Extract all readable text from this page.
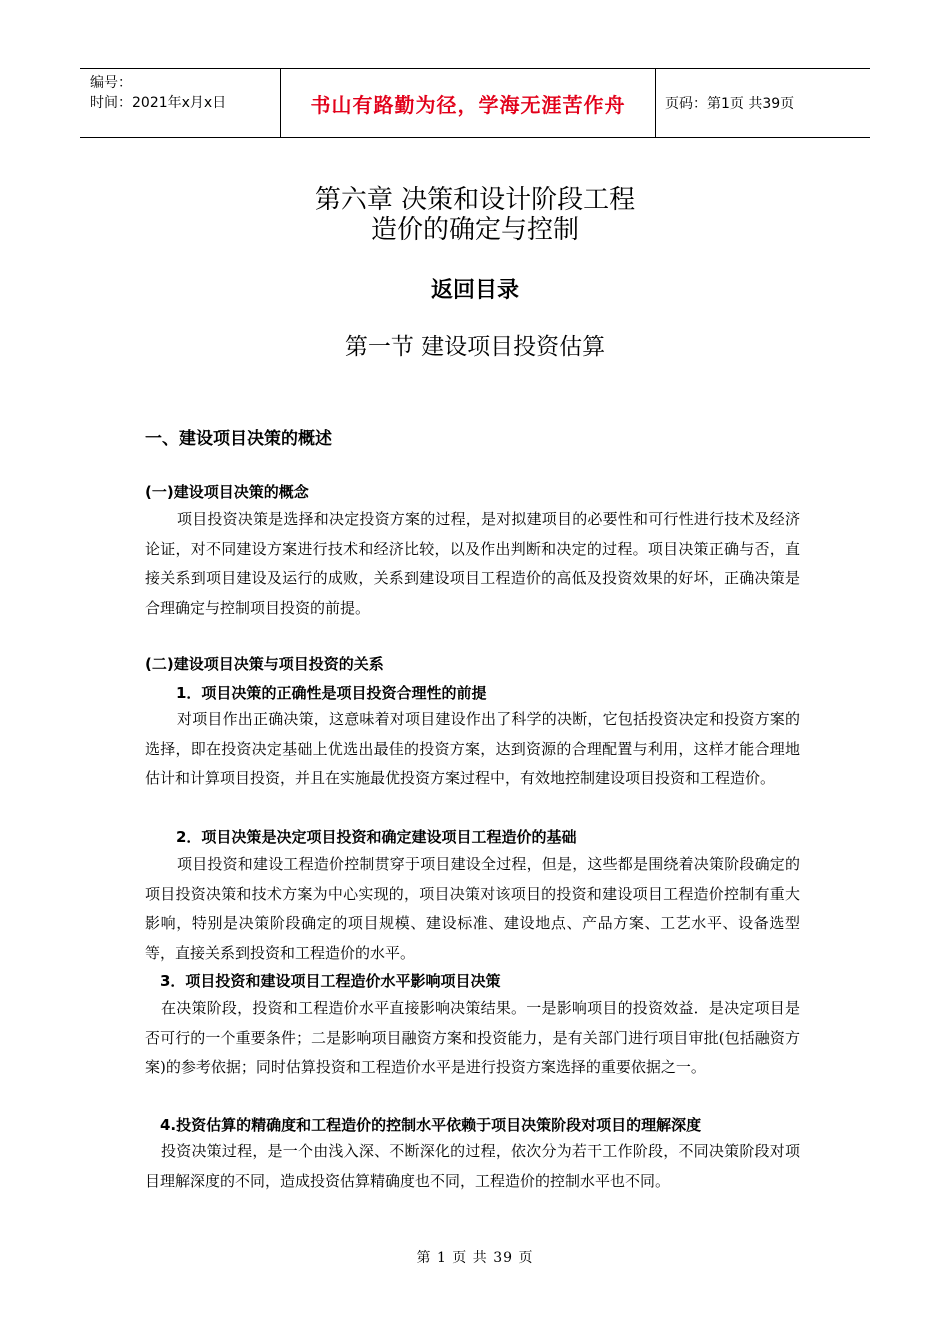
编号：
时间：2021年x月x日	书山有路勤为径，学海无涯苦作舟	页码：第1页 共39页
第六章 决策和设计阶段工程
造价的确定与控制
返回目录
第一节 建设项目投资估算
一、建设项目决策的概述
(一)建设项目决策的概念
项目投资决策是选择和决定投资方案的过程，是对拟建项目的必要性和可行性进行技术及经济论证，对不同建设方案进行技术和经济比较，以及作出判断和决定的过程。项目决策正确与否，直接关系到项目建设及运行的成败，关系到建设项目工程造价的高低及投资效果的好坏，正确决策是合理确定与控制项目投资的前提。
(二)建设项目决策与项目投资的关系
1．项目决策的正确性是项目投资合理性的前提
对项目作出正确决策，这意味着对项目建设作出了科学的决断，它包括投资决定和投资方案的选择，即在投资决定基础上优选出最佳的投资方案，达到资源的合理配置与利用，这样才能合理地估计和计算项目投资，并且在实施最优投资方案过程中，有效地控制建设项目投资和工程造价。
2．项目决策是决定项目投资和确定建设项目工程造价的基础
项目投资和建设工程造价控制贯穿于项目建设全过程，但是，这些都是围绕着决策阶段确定的项目投资决策和技术方案为中心实现的，项目决策对该项目的投资和建设项目工程造价控制有重大影响，特别是决策阶段确定的项目规模、建设标准、建设地点、产品方案、工艺水平、设备选型等，直接关系到投资和工程造价的水平。
3．项目投资和建设项目工程造价水平影响项目决策
在决策阶段，投资和工程造价水平直接影响决策结果。一是影响项目的投资效益．是决定项目是否可行的一个重要条件；二是影响项目融资方案和投资能力，是有关部门进行项目审批(包括融资方案)的参考依据；同时估算投资和工程造价水平是进行投资方案选择的重要依据之一。
4.投资估算的精确度和工程造价的控制水平依赖于项目决策阶段对项目的理解深度
投资决策过程，是一个由浅入深、不断深化的过程，依次分为若干工作阶段，不同决策阶段对项目理解深度的不同，造成投资估算精确度也不同，工程造价的控制水平也不同。
第 1 页 共 39 页
